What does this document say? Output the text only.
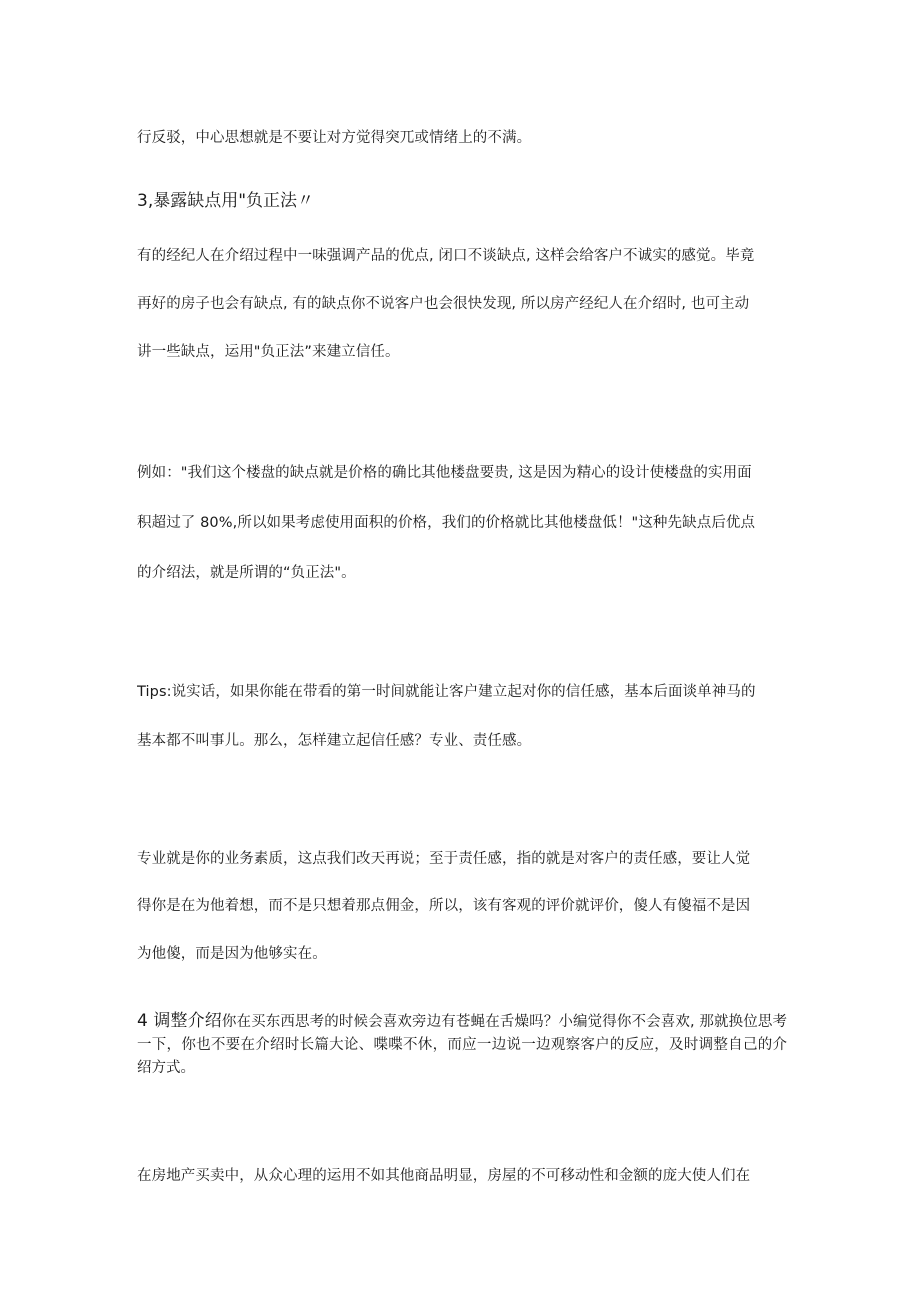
行反驳，中心思想就是不要让对方觉得突兀或情绪上的不满。
3,暴露缺点用"负正法〃
有的经纪人在介绍过程中一味强调产品的优点, 闭口不谈缺点, 这样会给客户不诚实的感觉。毕竟
再好的房子也会有缺点, 有的缺点你不说客户也会很快发现, 所以房产经纪人在介绍时, 也可主动
讲一些缺点，运用"负正法”来建立信任。
例如："我们这个楼盘的缺点就是价格的确比其他楼盘要贵, 这是因为精心的设计使楼盘的实用面
积超过了 80%,所以如果考虑使用面积的价格，我们的价格就比其他楼盘低！"这种先缺点后优点
的介绍法，就是所谓的“负正法"。
Tips:说实话，如果你能在带看的第一时间就能让客户建立起对你的信任感，基本后面谈单神马的
基本都不叫事儿。那么，怎样建立起信任感？专业、责任感。
专业就是你的业务素质，这点我们改天再说；至于责任感，指的就是对客户的责任感，要让人觉
得你是在为他着想，而不是只想着那点佣金，所以，该有客观的评价就评价，傻人有傻福不是因
为他傻，而是因为他够实在。
4 调整介绍你在买东西思考的时候会喜欢旁边有苍蝇在舌燥吗？小编觉得你不会喜欢, 那就换位思考一下，你也不要在介绍时长篇大论、喋喋不休，而应一边说一边观察客户的反应，及时调整自己的介绍方式。
在房地产买卖中，从众心理的运用不如其他商品明显，房屋的不可移动性和金额的庞大使人们在
